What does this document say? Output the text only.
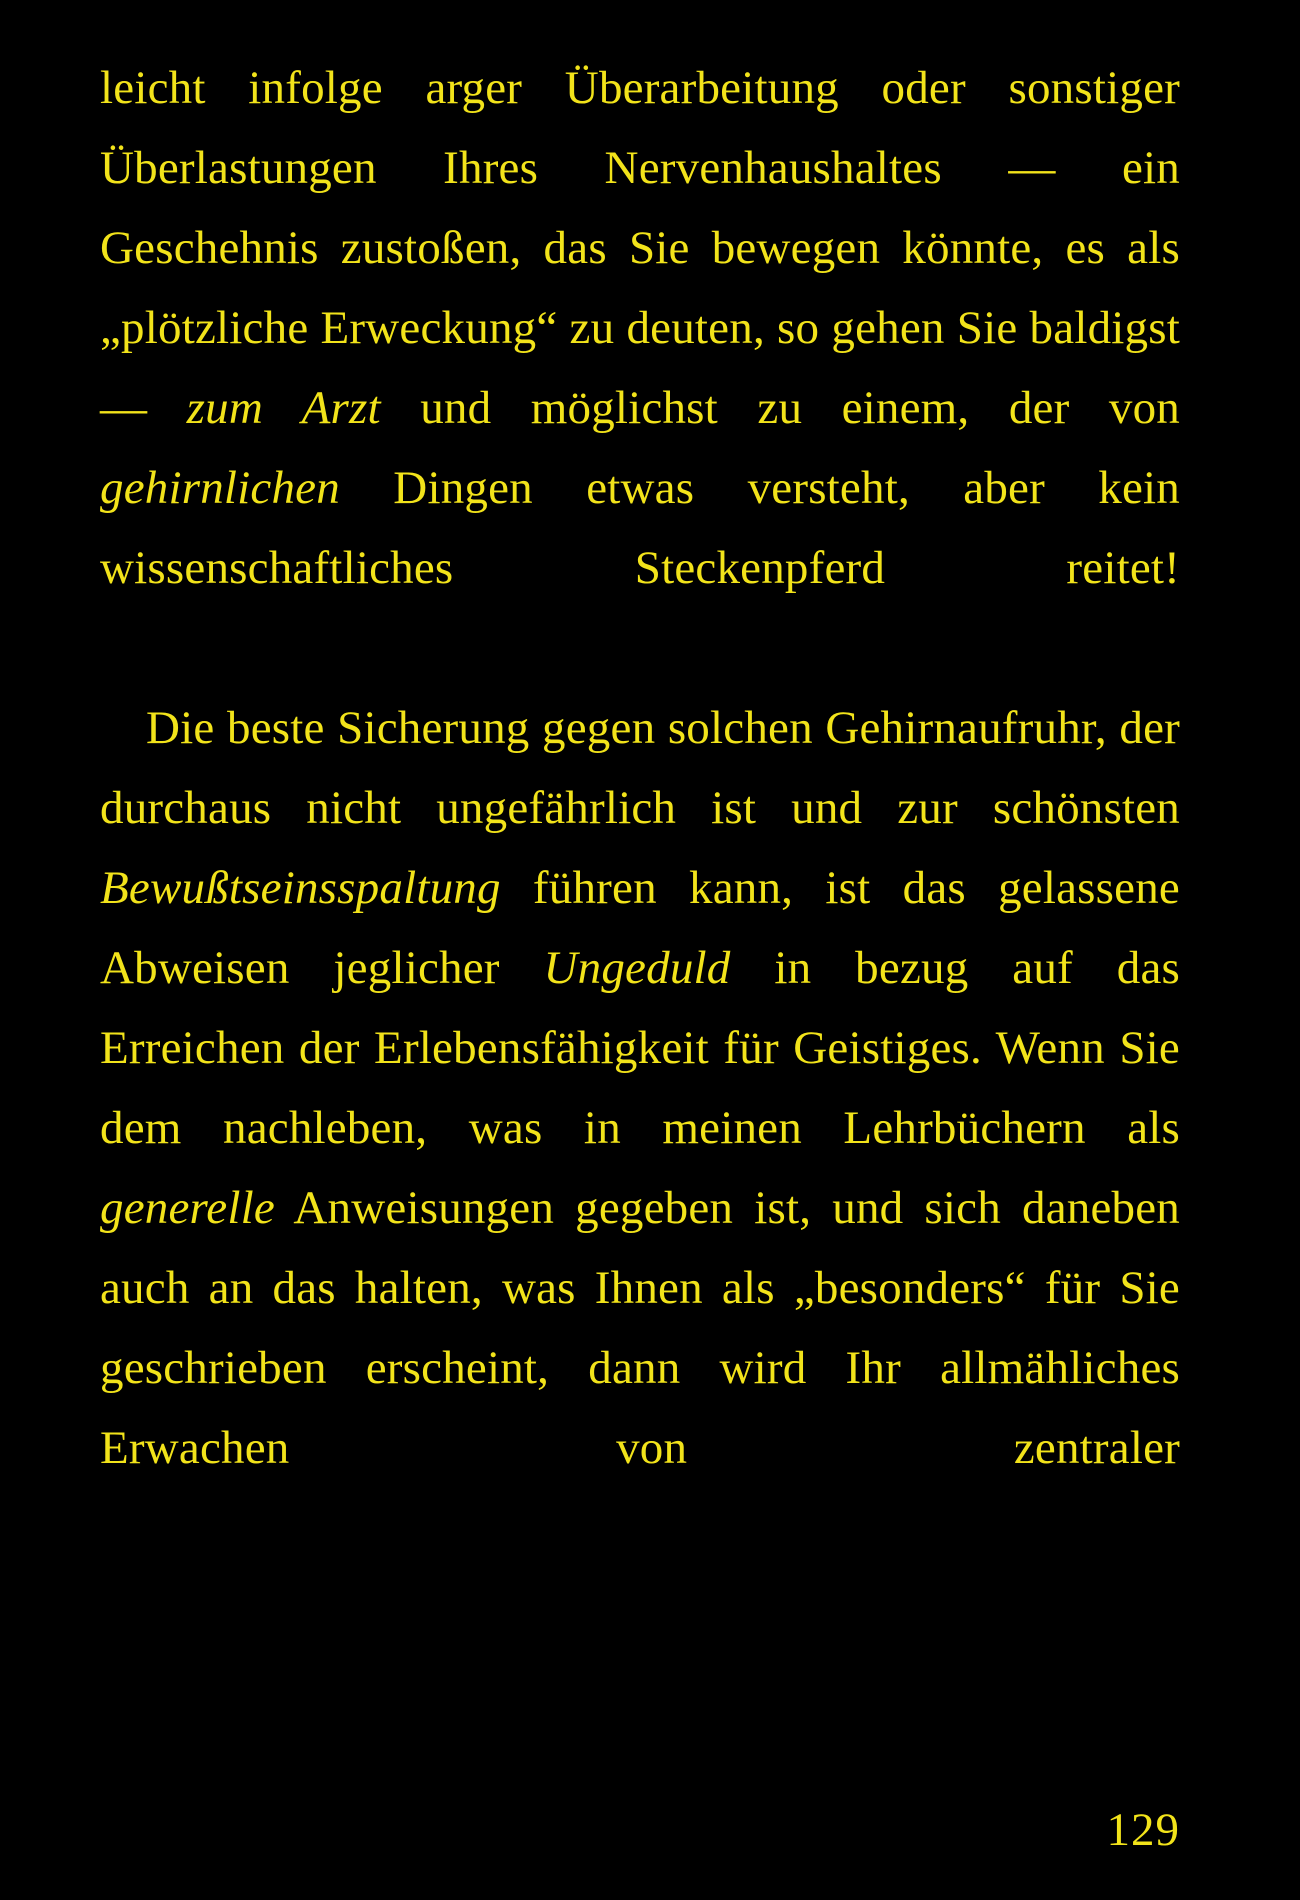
leicht infolge arger Überarbeitung oder sonstiger Überlastungen Ihres Nervenhaushaltes — ein Geschehnis zustoßen, das Sie bewegen könnte, es als „plötzliche Erweckung“ zu deuten, so gehen Sie baldigst — zum Arzt und möglichst zu einem, der von gehirnlichen Dingen etwas versteht, aber kein wissenschaftliches Steckenpferd reitet!

Die beste Sicherung gegen solchen Gehirnaufruhr, der durchaus nicht ungefährlich ist und zur schönsten Bewußtseinsspaltung führen kann, ist das gelassene Abweisen jeglicher Ungeduld in bezug auf das Erreichen der Erlebensfähigkeit für Geistiges. Wenn Sie dem nachleben, was in meinen Lehrbüchern als generelle Anweisungen gegeben ist, und sich daneben auch an das halten, was Ihnen als „besonders“ für Sie geschrieben erscheint, dann wird Ihr allmähliches Erwachen von zentraler

129
